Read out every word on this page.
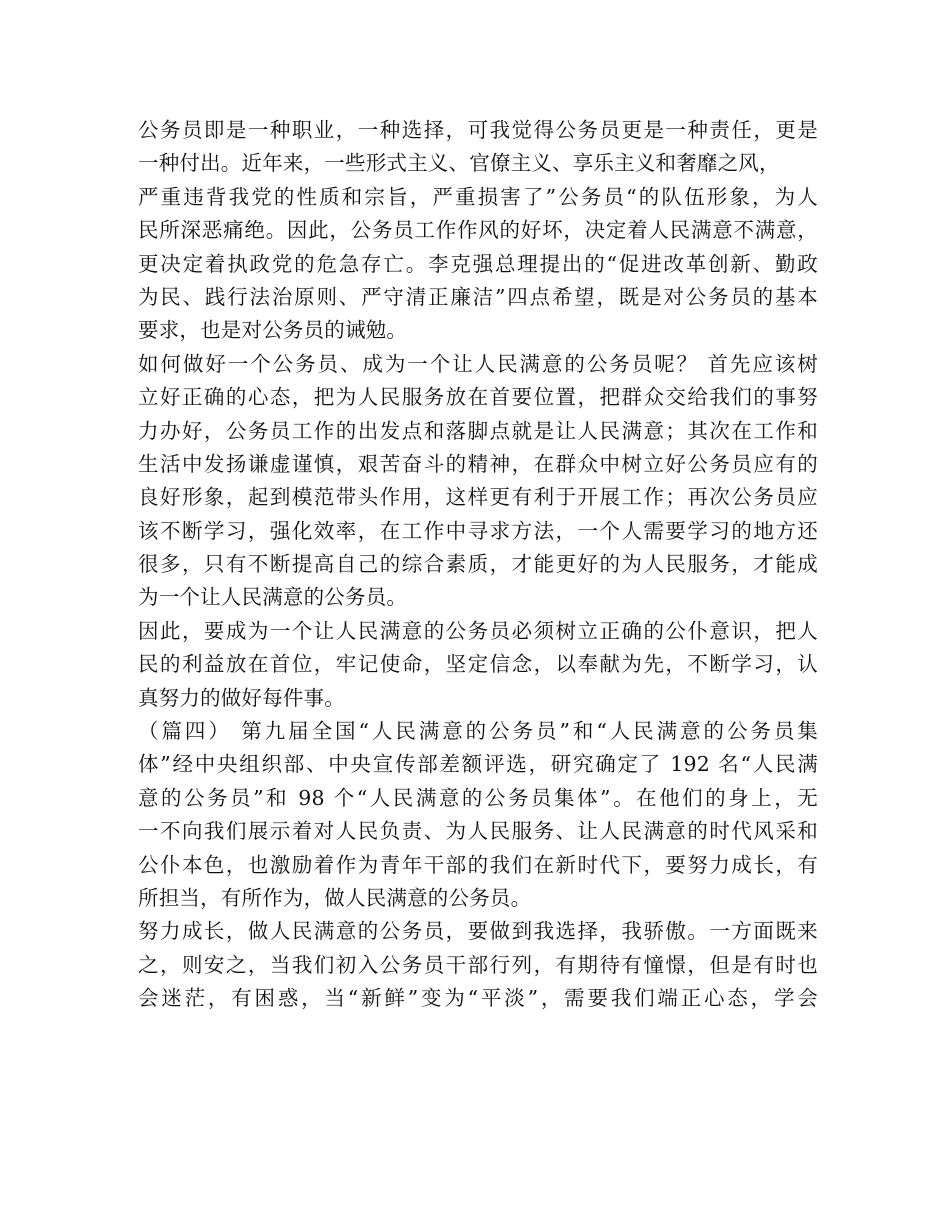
公务员即是一种职业，一种选择，可我觉得公务员更是一种责任，更是
一种付出。近年来，一些形式主义、官僚主义、享乐主义和奢靡之风，
严重违背我党的性质和宗旨，严重损害了”公务员“的队伍形象，为人
民所深恶痛绝。因此，公务员工作作风的好坏，决定着人民满意不满意，
更决定着执政党的危急存亡。李克强总理提出的“促进改革创新、勤政
为民、践行法治原则、严守清正廉洁”四点希望，既是对公务员的基本
要求，也是对公务员的诫勉。
如何做好一个公务员、成为一个让人民满意的公务员呢？ 首先应该树
立好正确的心态，把为人民服务放在首要位置，把群众交给我们的事努
力办好，公务员工作的出发点和落脚点就是让人民满意；其次在工作和
生活中发扬谦虚谨慎，艰苦奋斗的精神，在群众中树立好公务员应有的
良好形象，起到模范带头作用，这样更有利于开展工作；再次公务员应
该不断学习，强化效率，在工作中寻求方法，一个人需要学习的地方还
很多，只有不断提高自己的综合素质，才能更好的为人民服务，才能成
为一个让人民满意的公务员。
因此，要成为一个让人民满意的公务员必须树立正确的公仆意识，把人
民的利益放在首位，牢记使命，坚定信念，以奉献为先，不断学习，认
真努力的做好每件事。
（篇四） 第九届全国“人民满意的公务员”和“人民满意的公务员集
体”经中央组织部、中央宣传部差额评选，研究确定了 192 名“人民满
意的公务员”和 98 个“人民满意的公务员集体”。在他们的身上，无
一不向我们展示着对人民负责、为人民服务、让人民满意的时代风采和
公仆本色，也激励着作为青年干部的我们在新时代下，要努力成长，有
所担当，有所作为，做人民满意的公务员。
努力成长，做人民满意的公务员，要做到我选择，我骄傲。一方面既来
之，则安之，当我们初入公务员干部行列，有期待有憧憬，但是有时也
会迷茫，有困惑，当“新鲜”变为“平淡”，需要我们端正心态，学会
